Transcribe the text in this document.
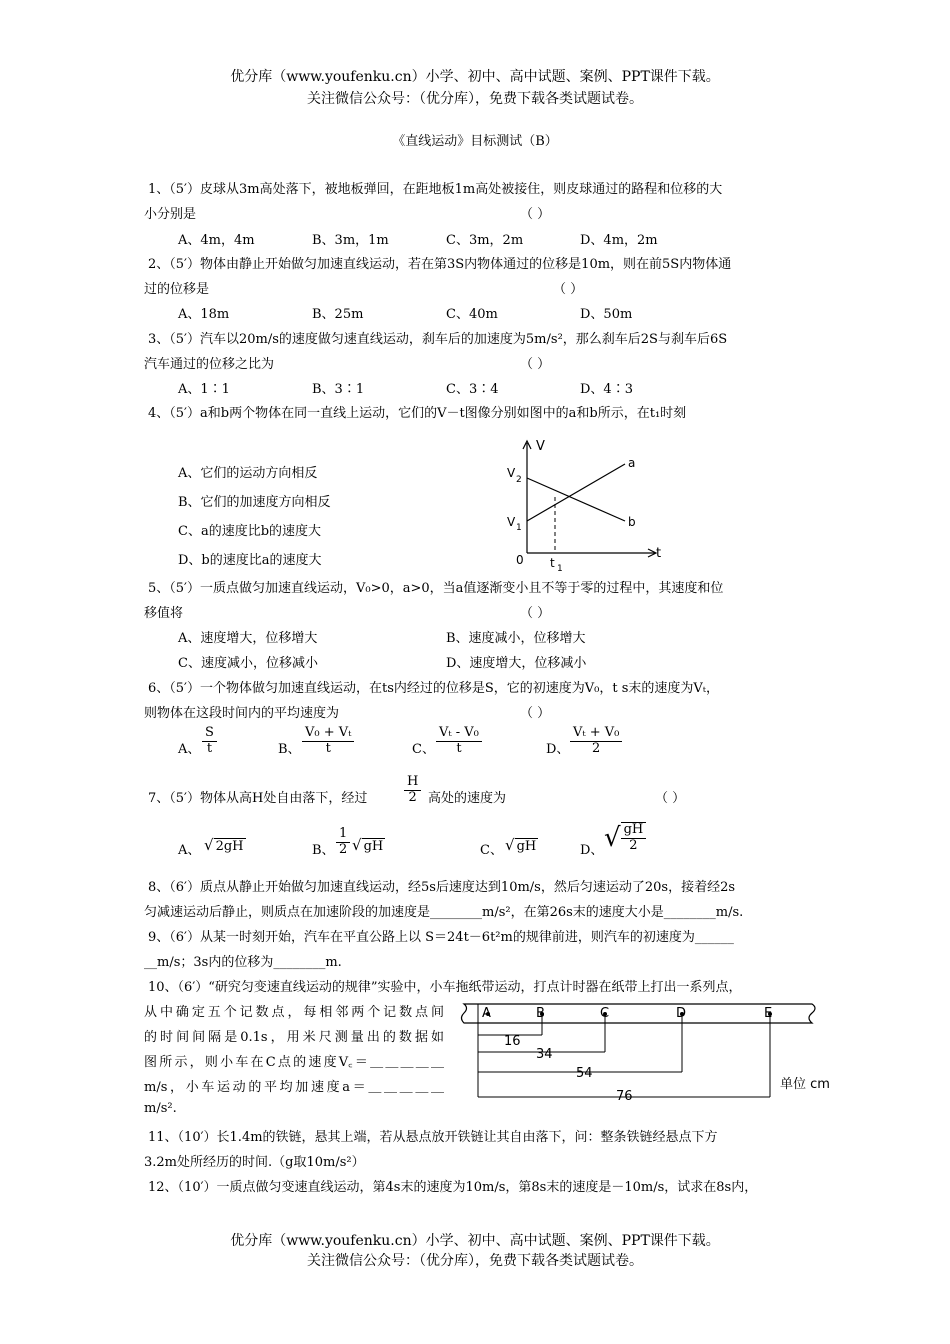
优分库（www.youfenku.cn）小学、初中、高中试题、案例、PPT课件下载。
关注微信公众号：（优分库），免费下载各类试题试卷。
《直线运动》目标测试（B）
1、（5′）皮球从3m高处落下，被地板弹回，在距地板1m高处被接住，则皮球通过的路程和位移的大
小分别是	（ ）
A、4m，4m	B、3m，1m	C、3m，2m	D、4m，2m
2、（5′）物体由静止开始做匀加速直线运动，若在第3S内物体通过的位移是10m，则在前5S内物体通
过的位移是	（ ）
A、18m	B、25m	C、40m	D、50m
3、（5′）汽车以20m/s的速度做匀速直线运动，刹车后的加速度为5m/s²，那么刹车后2S与刹车后6S
汽车通过的位移之比为	（ ）
A、1∶1	B、3∶1	C、3∶4	D、4∶3
4、（5′）a和b两个物体在同一直线上运动，它们的V－t图像分别如图中的a和b所示，在t₁时刻
A、它们的运动方向相反
B、它们的加速度方向相反
C、a的速度比b的速度大
D、b的速度比a的速度大
V
t
0
V 2
V 1
t 1
a
b
5、（5′）一质点做匀加速直线运动，V₀>0，a>0，当a值逐渐变小且不等于零的过程中，其速度和位
移值将	（ ）
A、速度增大，位移增大	B、速度减小，位移增大
C、速度减小，位移减小	D、速度增大，位移减小
6、（5′）一个物体做匀加速直线运动，在ts内经过的位移是S，它的初速度为V₀，t s末的速度为Vₜ，
则物体在这段时间内的平均速度为	（ ）
A、 $\frac{S}{t}$	B、 $\frac{\text{V₀ + Vₜ}}{t}$	C、 $\frac{\text{Vₜ - V₀}}{t}$	D、 $\frac{\text{Vₜ + V₀}}{2}$
7、（5′）物体从高H处自由落下，经过	$\frac{H}{2}$ 高处的速度为	（ ）
A、 √ 2gH	B、 $\frac{1}{2}$ √ gH	C、 √ gH	D、 √ $\frac{gH}{2}$
8、（6′）质点从静止开始做匀加速直线运动，经5s后速度达到10m/s，然后匀速运动了20s，接着经2s
匀减速运动后静止，则质点在加速阶段的加速度是________m/s²，在第26s末的速度大小是________m/s.
9、（6′）从某一时刻开始，汽车在平直公路上以 S＝24t－6t²m的规律前进，则汽车的初速度为______
__m/s；3s内的位移为________m.
10、（6′）“研究匀变速直线运动的规律”实验中，小车拖纸带运动，打点计时器在纸带上打出一系列点，
从中确定五个记数点，每相邻两个记数点间
的时间间隔是0.1s，用米尺测量出的数据如
图所示，则小车在C点的速度V꜀＝＿＿＿＿＿
m/s，小车运动的平均加速度a＝＿＿＿＿＿
m/s².
A	B	C	D	E
16
34
54
76
单位 cm
11、（10′）长1.4m的铁链，悬其上端，若从悬点放开铁链让其自由落下，问：整条铁链经悬点下方
3.2m处所经历的时间.（g取10m/s²）
12、（10′）一质点做匀变速直线运动，第4s末的速度为10m/s，第8s末的速度是－10m/s，试求在8s内，
优分库（www.youfenku.cn）小学、初中、高中试题、案例、PPT课件下载。
关注微信公众号：（优分库），免费下载各类试题试卷。
